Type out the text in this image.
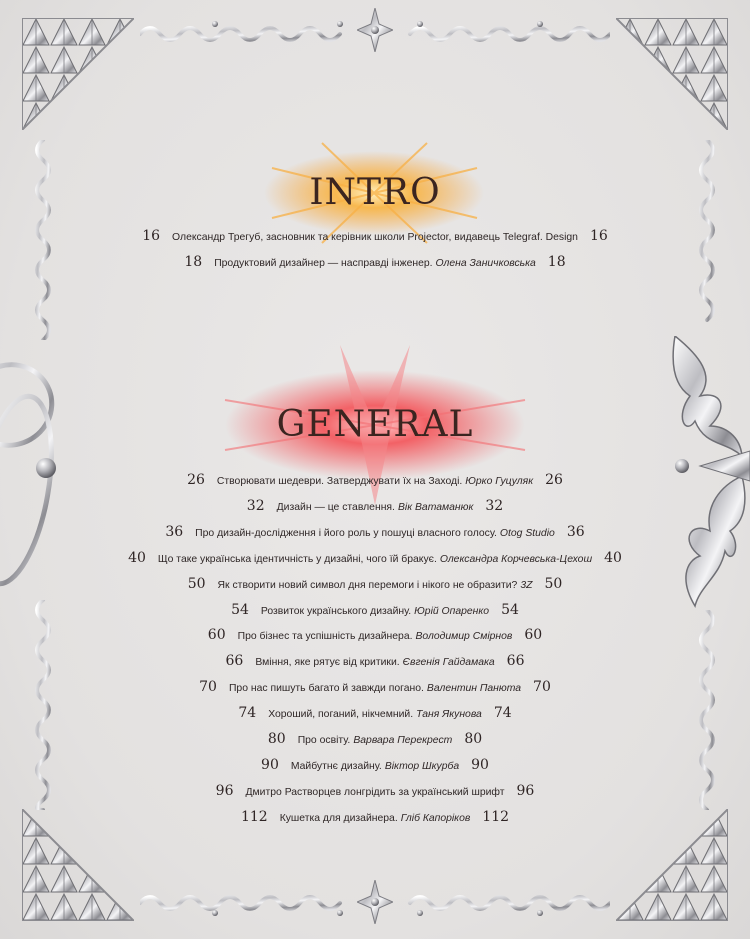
INTRO
GENERAL
16 Олександр Трегуб, засновник та керівник школи Projector, видавець Telegraf. Design 16
18 Продуктовий дизайнер — насправді інженер. Олена Заничковська 18
26 Створювати шедеври. Затверджувати їх на Заході. Юрко Гуцуляк 26
32 Дизайн — це ставлення. Вік Ватаманюк 32
36 Про дизайн-дослідження і його роль у пошуці власного голосу. Otog Studio 36
40 Що таке українська ідентичність у дизайні, чого їй бракує. Олександра Корчевська-Цехош 40
50 Як створити новий символ дня перемоги і нікого не образити? 3Z 50
54 Розвиток українського дизайну. Юрій Опаренко 54
60 Про бізнес та успішність дизайнера. Володимир Смірнов 60
66 Вміння, яке рятує від критики. Євгенія Гайдамака 66
70 Про нас пишуть багато й завжди погано. Валентин Панюта 70
74 Хороший, поганий, нікчемний. Таня Якунова 74
80 Про освіту. Варвара Перекрест 80
90 Майбутнє дизайну. Віктор Шкурба 90
96 Дмитро Растворцев лонгрідить за український шрифт 96
112 Кушетка для дизайнера. Гліб Капоріков 112
